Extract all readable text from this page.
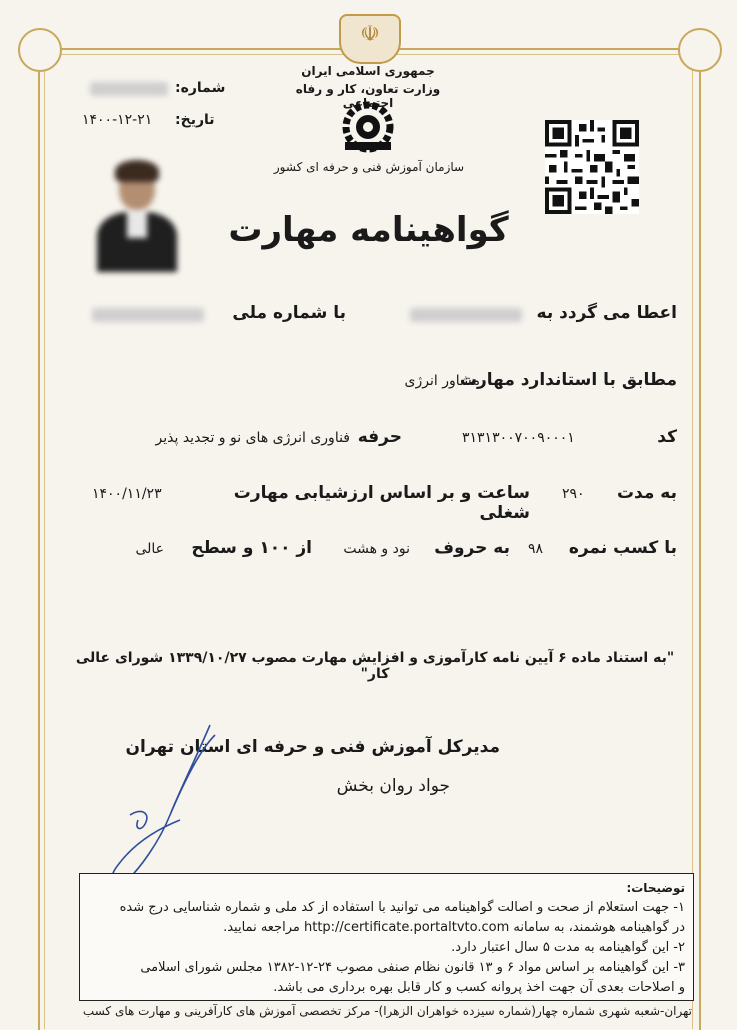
☫
جمهوری اسلامی ایران
وزارت تعاون، کار و رفاه اجتماعی
سازمان آموزش فنی و حرفه ای کشور
شماره:
تاریخ:
۱۴۰۰-۱۲-۲۱
گواهینامه مهارت
اعطا می گردد به
با شماره ملی
مطابق با استاندارد مهارت
مشاور انرژی
کد
۳۱۳۱۳۰۰۷۰۰۹۰۰۰۱
حرفه
فناوری انرژی های نو و تجدید پذیر
به مدت
۲۹۰
ساعت و بر اساس ارزشیابی مهارت شغلی
۱۴۰۰/۱۱/۲۳
با کسب نمره
۹۸
به حروف
نود و هشت
از ۱۰۰ و سطح
عالی
"به استناد ماده ۶ آیین نامه کارآموزی و افزایش مهارت مصوب ۱۳۳۹/۱۰/۲۷ شورای عالی کار"
مدیرکل آموزش فنی و حرفه ای استان تهران
جواد روان بخش

توضیحات:

۱- جهت استعلام از صحت و اصالت گواهینامه می توانید با استفاده از کد ملی و شماره شناسایی درج شده

در گواهینامه هوشمند، به سامانه http://certificate.portaltvto.com مراجعه نمایید.

۲- این گواهینامه به مدت ۵ سال اعتبار دارد.

۳- این گواهینامه بر اساس مواد ۶ و ۱۳ قانون نظام صنفی مصوب ۲۴-۱۲-۱۳۸۲ مجلس شورای اسلامی

و اصلاحات بعدی آن جهت اخذ پروانه کسب و کار قابل بهره برداری می باشد.

تهران-شعبه شهری شماره چهار(شماره سیزده خواهران الزهرا)- مرکز تخصصی آموزش های کارآفرینی و مهارت های کسب
